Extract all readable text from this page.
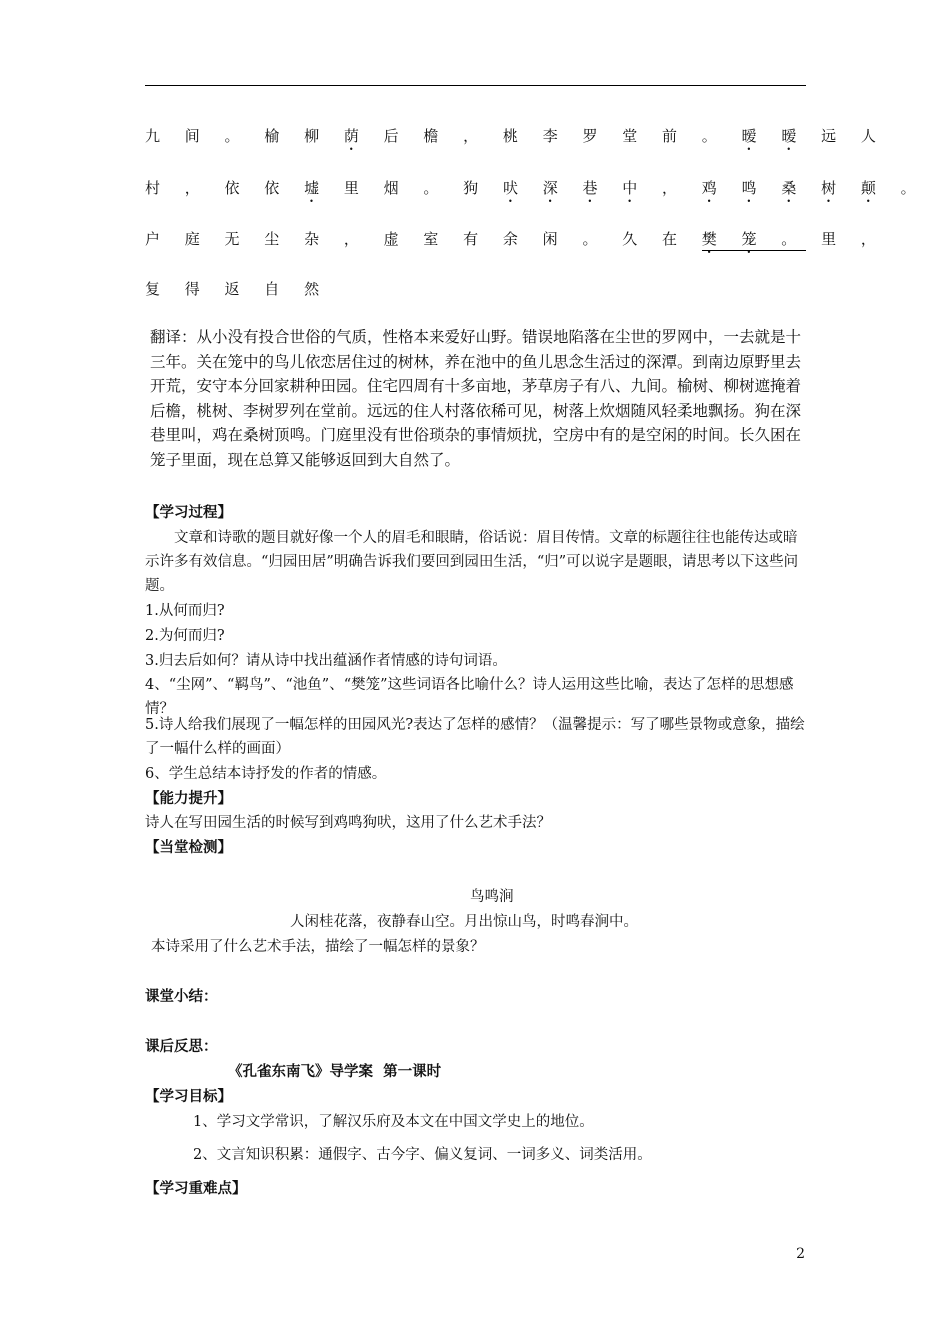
九 间 。 榆 柳 荫 后 檐 ， 桃 李 罗 堂 前 。 暧 暧 远 人
村 ， 依 依 墟 里 烟 。 狗 吠 深 巷 中 ， 鸡 鸣 桑 树 颠 。
户 庭 无 尘 杂 ， 虚 室 有 余 闲 。 久 在 樊 笼 。 里 ，
复 得 返 自 然
翻译：从小没有投合世俗的气质，性格本来爱好山野。错误地陷落在尘世的罗网中，一去就是十三年。关在笼中的鸟儿依恋居住过的树林，养在池中的鱼儿思念生活过的深潭。到南边原野里去开荒，安守本分回家耕种田园。住宅四周有十多亩地，茅草房子有八、九间。榆树、柳树遮掩着后檐，桃树、李树罗列在堂前。远远的住人村落依稀可见，树落上炊烟随风轻柔地飘扬。狗在深巷里叫，鸡在桑树顶鸣。门庭里没有世俗琐杂的事情烦扰，空房中有的是空闲的时间。长久困在笼子里面，现在总算又能够返回到大自然了。
【学习过程】
文章和诗歌的题目就好像一个人的眉毛和眼睛，俗话说：眉目传情。文章的标题往往也能传达或暗示许多有效信息。“归园田居”明确告诉我们要回到园田生活，“归”可以说字是题眼，请思考以下这些问题。
1.从何而归?
2.为何而归?
3.归去后如何？请从诗中找出蕴涵作者情感的诗句词语。
4、“尘网”、“羁鸟”、“池鱼”、“樊笼”这些词语各比喻什么？诗人运用这些比喻，表达了怎样的思想感情？
5.诗人给我们展现了一幅怎样的田园风光?表达了怎样的感情？（温馨提示：写了哪些景物或意象，描绘了一幅什么样的画面）
6、学生总结本诗抒发的作者的情感。
【能力提升】
诗人在写田园生活的时候写到鸡鸣狗吠，这用了什么艺术手法？
【当堂检测】
鸟鸣涧
人闲桂花落，夜静春山空。月出惊山鸟，时鸣春涧中。
本诗采用了什么艺术手法，描绘了一幅怎样的景象？
课堂小结：
课后反思：
《孔雀东南飞》导学案  第一课时
【学习目标】
1、学习文学常识，了解汉乐府及本文在中国文学史上的地位。
2、文言知识积累：通假字、古今字、偏义复词、一词多义、词类活用。
【学习重难点】
2
